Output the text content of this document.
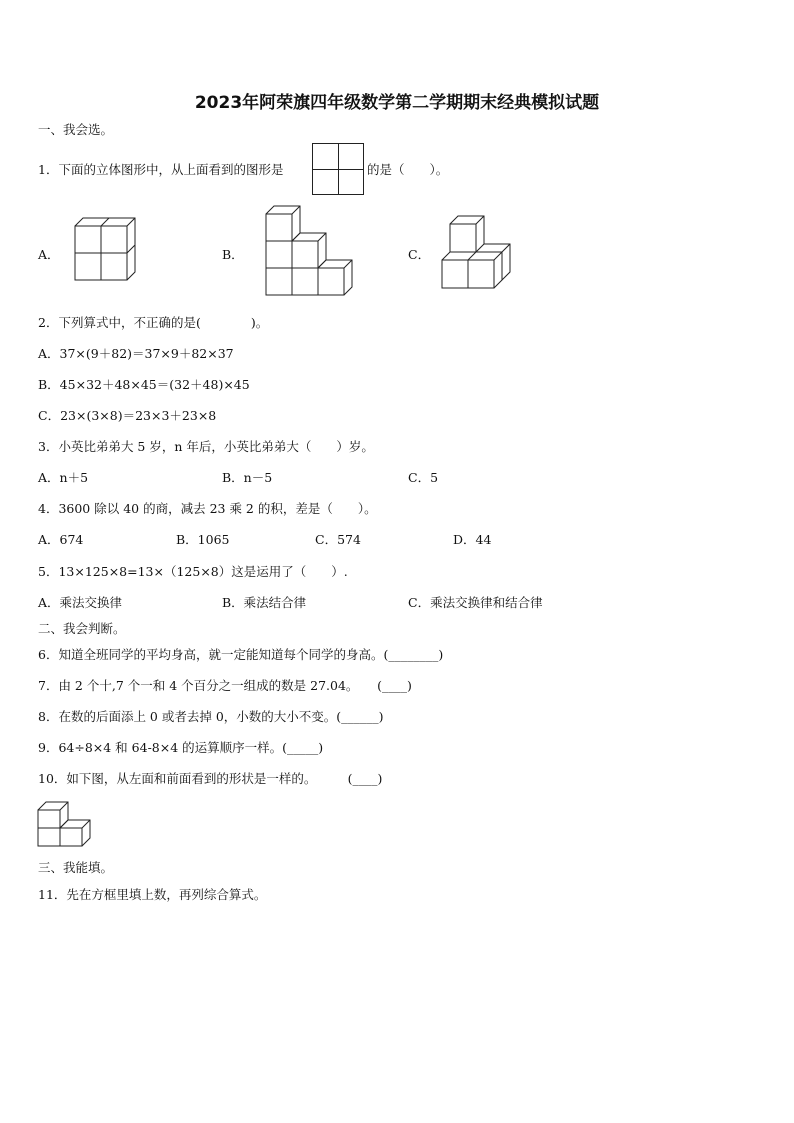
2023年阿荣旗四年级数学第二学期期末经典模拟试题
一、我会选。
1．下面的立体图形中，从上面看到的图形是	的是（　　）。
A．	B．	C．
2．下列算式中，不正确的是(　　　　)。
A．37×(9＋82)＝37×9＋82×37
B．45×32＋48×45＝(32＋48)×45
C．23×(3×8)＝23×3＋23×8
3．小英比弟弟大 5 岁，n 年后，小英比弟弟大（　　）岁。
A．n＋5	B．n－5	C．5
4．3600 除以 40 的商，减去 23 乘 2 的积，差是（　　）。
A．674	B．1065	C．574	D．44
5．13×125×8=13×（125×8）这是运用了（　　）.
A．乘法交换律	B．乘法结合律	C．乘法交换律和结合律
二、我会判断。
6．知道全班同学的平均身高，就一定能知道每个同学的身高。(________)
7．由 2 个十,7 个一和 4 个百分之一组成的数是 27.04。　　(____)
8．在数的后面添上 0 或者去掉 0，小数的大小不变。(______)
9．64÷8×4 和 64-8×4 的运算顺序一样。(_____)
10．如下图，从左面和前面看到的形状是一样的。　　　(____)
三、我能填。
11．先在方框里填上数，再列综合算式。
